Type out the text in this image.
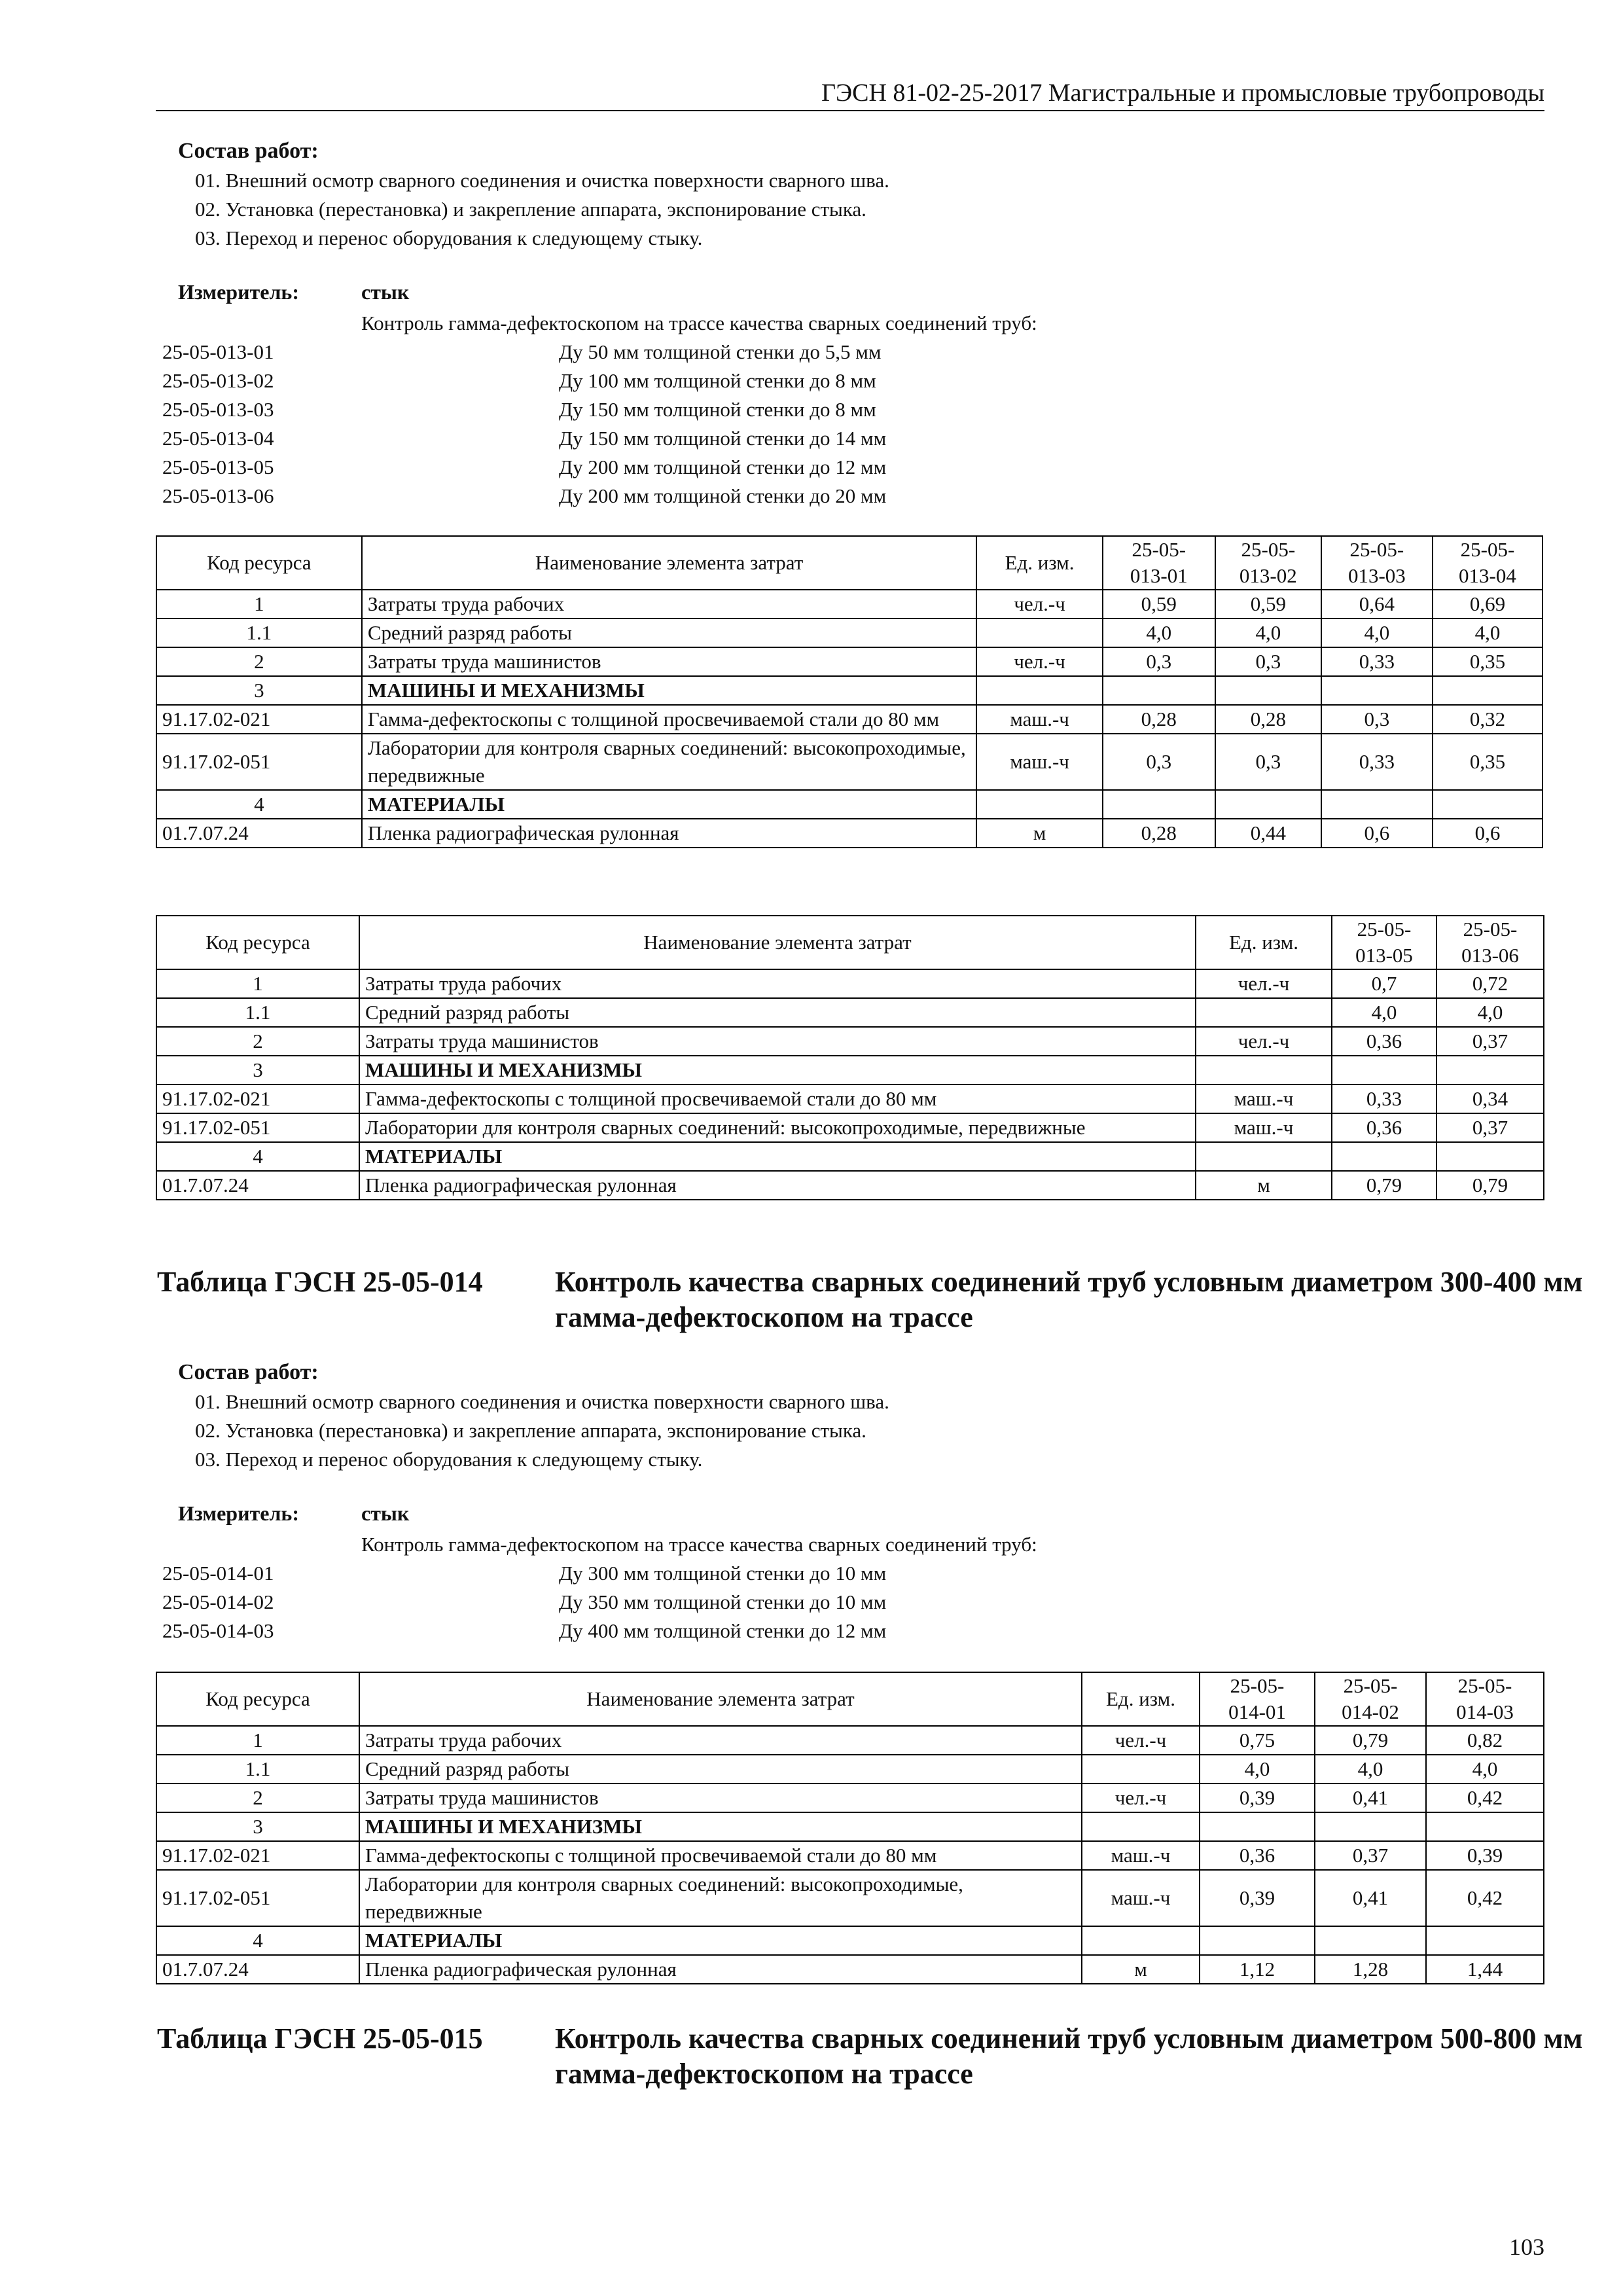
ГЭСН 81-02-25-2017 Магистральные и промысловые трубопроводы
Состав работ:
01. Внешний осмотр сварного соединения и очистка поверхности сварного шва.
02. Установка (перестановка) и закрепление аппарата, экспонирование стыка.
03. Переход и перенос оборудования к следующему стыку.
Измеритель:	стык
Контроль гамма-дефектоскопом на трассе качества сварных соединений труб:
25-05-013-01	Ду 50 мм толщиной стенки до 5,5 мм
25-05-013-02	Ду 100 мм толщиной стенки до 8 мм
25-05-013-03	Ду 150 мм толщиной стенки до 8 мм
25-05-013-04	Ду 150 мм толщиной стенки до 14 мм
25-05-013-05	Ду 200 мм толщиной стенки до 12 мм
25-05-013-06	Ду 200 мм толщиной стенки до 20 мм
Код ресурса	Наименование элемента затрат	Ед. изм.	25-05-
013-01	25-05-
013-02	25-05-
013-03	25-05-
013-04
1	Затраты труда рабочих	чел.-ч	0,59	0,59	0,64	0,69
1.1	Средний разряд работы		4,0	4,0	4,0	4,0
2	Затраты труда машинистов	чел.-ч	0,3	0,3	0,33	0,35
3	МАШИНЫ И МЕХАНИЗМЫ					
91.17.02-021	Гамма-дефектоскопы с толщиной просвечиваемой стали до 80 мм	маш.-ч	0,28	0,28	0,3	0,32
91.17.02-051	Лаборатории для контроля сварных соединений: высокопроходимые, передвижные	маш.-ч	0,3	0,3	0,33	0,35
4	МАТЕРИАЛЫ					
01.7.07.24	Пленка радиографическая рулонная	м	0,28	0,44	0,6	0,6
Код ресурса	Наименование элемента затрат	Ед. изм.	25-05-
013-05	25-05-
013-06
1	Затраты труда рабочих	чел.-ч	0,7	0,72
1.1	Средний разряд работы		4,0	4,0
2	Затраты труда машинистов	чел.-ч	0,36	0,37
3	МАШИНЫ И МЕХАНИЗМЫ			
91.17.02-021	Гамма-дефектоскопы с толщиной просвечиваемой стали до 80 мм	маш.-ч	0,33	0,34
91.17.02-051	Лаборатории для контроля сварных соединений: высокопроходимые, передвижные	маш.-ч	0,36	0,37
4	МАТЕРИАЛЫ			
01.7.07.24	Пленка радиографическая рулонная	м	0,79	0,79
Таблица ГЭСН 25-05-014	Контроль качества сварных соединений труб условным диаметром 300-400 мм гамма-дефектоскопом на трассе
Состав работ:
01. Внешний осмотр сварного соединения и очистка поверхности сварного шва.
02. Установка (перестановка) и закрепление аппарата, экспонирование стыка.
03. Переход и перенос оборудования к следующему стыку.
Измеритель:	стык
Контроль гамма-дефектоскопом на трассе качества сварных соединений труб:
25-05-014-01	Ду 300 мм толщиной стенки до 10 мм
25-05-014-02	Ду 350 мм толщиной стенки до 10 мм
25-05-014-03	Ду 400 мм толщиной стенки до 12 мм
Код ресурса	Наименование элемента затрат	Ед. изм.	25-05-
014-01	25-05-
014-02	25-05-
014-03
1	Затраты труда рабочих	чел.-ч	0,75	0,79	0,82
1.1	Средний разряд работы		4,0	4,0	4,0
2	Затраты труда машинистов	чел.-ч	0,39	0,41	0,42
3	МАШИНЫ И МЕХАНИЗМЫ				
91.17.02-021	Гамма-дефектоскопы с толщиной просвечиваемой стали до 80 мм	маш.-ч	0,36	0,37	0,39
91.17.02-051	Лаборатории для контроля сварных соединений: высокопроходимые, передвижные	маш.-ч	0,39	0,41	0,42
4	МАТЕРИАЛЫ				
01.7.07.24	Пленка радиографическая рулонная	м	1,12	1,28	1,44
Таблица ГЭСН 25-05-015	Контроль качества сварных соединений труб условным диаметром 500-800 мм гамма-дефектоскопом на трассе
103
